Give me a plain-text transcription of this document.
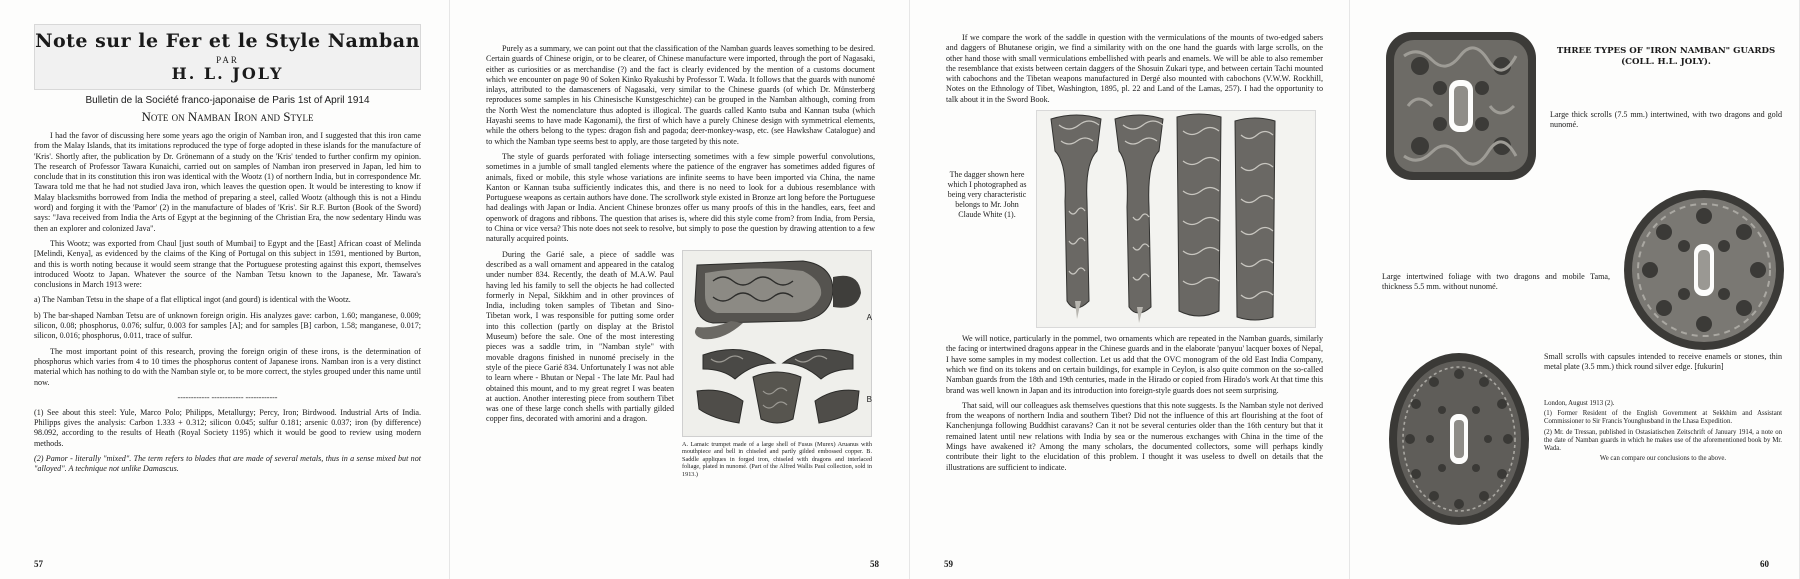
Note sur le Fer et le Style Namban
PAR
H. L. JOLY
Bulletin de la Société franco-japonaise de Paris 1st of April 1914
Note on Namban Iron and Style

I had the favor of discussing here some years ago the origin of Namban iron, and I suggested that this iron came from the Malay Islands, that its imitations reproduced the type of forge adopted in these islands for the manufacture of 'Kris'. Shortly after, the publication by Dr. Grönemann of a study on the 'Kris' tended to further confirm my opinion. The research of Professor Tawara Kunaichi, carried out on samples of Namban iron preserved in Japan, led him to conclude that in its constitution this iron was identical with the Wootz (1) of northern India, but in correspondence Mr. Tawara told me that he had not studied Java iron, which leaves the question open. It would be interesting to know if Malay blacksmiths borrowed from India the method of preparing a steel, called Wootz (although this is not a Hindu word) and forging it with the 'Pamor' (2) in the manufacture of blades of 'Kris'. Sir R.F. Burton (Book of the Sword) says: "Java received from India the Arts of Egypt at the beginning of the Christian Era, the now sedentary Hindu was then an explorer and colonized Java".

This Wootz; was exported from Chaul [just south of Mumbai] to Egypt and the [East] African coast of Melinda [Melindi, Kenya], as evidenced by the claims of the King of Portugal on this subject in 1591, mentioned by Burton, and this is worth noting because it would seem strange that the Portuguese protesting against this export, themselves introduced Wootz to Japan. Whatever the source of the Namban Tetsu known to the Japanese, Mr. Tawara's conclusions in March 1913 were:

a) The Namban Tetsu in the shape of a flat elliptical ingot (and gourd) is identical with the Wootz.

b) The bar-shaped Namban Tetsu are of unknown foreign origin. His analyzes gave: carbon, 1.60; manganese, 0.009; silicon, 0.08; phosphorus, 0.076; sulfur, 0.003 for samples [A]; and for samples [B] carbon, 1.58; manganese, 0.017; silicon, 0.016; phosphorus, 0.011, trace of sulfur.

The most important point of this research, proving the foreign origin of these irons, is the determination of phosphorus which varies from 4 to 10 times the phosphorus content of Japanese irons. Namban iron is a very distinct material which has nothing to do with the Namban style or, to be more correct, the styles grouped under this name until now.

------------ ------------ ------------

(1) See about this steel: Yule, Marco Polo; Philipps, Metallurgy; Percy, Iron; Birdwood. Industrial Arts of India. Philipps gives the analysis: Carbon 1.333 + 0.312; silicon 0.045; sulfur 0.181; arsenic 0.037; iron (by difference) 98.092, according to the results of Heath (Royal Society 1195) which it would be good to review using modern methods.

(2) Pamor - literally "mixed". The term refers to blades that are made of several metals, thus in a sense mixed but not "alloyed". A technique not unlike Damascus.

57

Purely as a summary, we can point out that the classification of the Namban guards leaves something to be desired. Certain guards of Chinese origin, or to be clearer, of Chinese manufacture were imported, through the port of Nagasaki, either as curiosities or as merchandise (?) and the fact is clearly evidenced by the mention of a customs document which we encounter on page 90 of Soken Kinko Ryakushi by Professor T. Wada. It follows that the guards with nunomé inlays, attributed to the damasceners of Nagasaki, very similar to the Chinese guards (of which Dr. Münsterberg reproduces some samples in his Chinesische Kunstgeschichte) can be grouped in the Namban although, coming from the North West the nomenclature thus adopted is illogical. The guards called Kanto tsuba and Kannan tsuba (which Hayashi seems to have made Kagonami), the first of which have a purely Chinese design with symmetrical elements, while the others belong to the types: dragon fish and pagoda; deer-monkey-wasp, etc. (see Hawkshaw Catalogue) and to which the Namban type seems best to apply, are those targeted by this note.

The style of guards perforated with foliage intersecting sometimes with a few simple powerful convolutions, sometimes in a jumble of small tangled elements where the patience of the engraver has sometimes added figures of animals, fixed or mobile, this style whose variations are infinite seems to have been imported via China, the name Kanton or Kannan tsuba sufficiently indicates this, and there is no need to look for a dubious resemblance with Portuguese weapons as certain authors have done. The scrollwork style existed in Bronze art long before the Portuguese had dealings with Japan or India. Ancient Chinese bronzes offer us many proofs of this in the handles, ears, feet and openwork of dragons and ribbons. The question that arises is, where did this style come from? from India, from Persia, to China or vice versa? This note does not seek to resolve, but simply to pose the question by drawing attention to a few naturally acquired points.

During the Garié sale, a piece of saddle was described as a wall ornament and appeared in the catalog under number 834. Recently, the death of M.A.W. Paul having led his family to sell the objects he had collected formerly in Nepal, Sikkhim and in other provinces of India, including token samples of Tibetan and Sino-Tibetan work, I was responsible for putting some order into this collection (partly on display at the Bristol Museum) before the sale. One of the most interesting pieces was a saddle trim, in "Namban style" with movable dragons finished in nunomé precisely in the style of the piece Garié 834. Unfortunately I was not able to learn where - Bhutan or Nepal - The late Mr. Paul had obtained this mount, and to my great regret I was beaten at auction. Another interesting piece from southern Tibet was one of these large conch shells with partially gilded copper fins, decorated with amorini and a dragon.

A
B
A. Lamaic trumpet made of a large shell of Fusus (Murex) Aruanus with mouthpiece and bell in chiseled and partly gilded embossed copper. B. Saddle appliques in forged iron, chiseled with dragons and interlaced foliage, plated in nunomé. (Part of the Alfred Wallis Paul collection, sold in 1913.)
58

If we compare the work of the saddle in question with the vermiculations of the mounts of two-edged sabers and daggers of Bhutanese origin, we find a similarity with on the one hand the guards with large scrolls, on the other hand those with small vermiculations embellished with pearls and enamels. We will be able to also remember the resemblance that exists between certain daggers of the Shosuin Zukari type, and between certain Tachi mounted with cabochons and the Tibetan weapons manufactured in Dergé also mounted with cabochons (V.W.W. Rockhill, Notes on the Ethnology of Tibet, Washington, 1895, pl. 22 and Land of the Lamas, 257). I had the opportunity to talk about it in the Sword Book.

The dagger shown here which I photographed as being very characteristic belongs to Mr. John Claude White (1).

We will notice, particularly in the pommel, two ornaments which are repeated in the Namban guards, similarly the facing or intertwined dragons appear in the Chinese guards and in the elaborate 'panyuu' lacquer boxes of Nepal, I have some samples in my modest collection. Let us add that the OVC monogram of the old East India Company, which we find on its tokens and on certain buildings, for example in Ceylon, is also quite common on the so-called Namban guards from the 18th and 19th centuries, made in the Hirado or copied from Hirado's work At that time this brand was well known in Japan and its introduction into foreign-style guards does not seem surprising.

That said, will our colleagues ask themselves questions that this note suggests. Is the Namban style not derived from the weapons of northern India and southern Tibet? Did not the influence of this art flourishing at the foot of Kanchenjunga following Buddhist caravans? Can it not be several centuries older than the 16th century but that it remained latent until new relations with India by sea or the numerous exchanges with China in the time of the Mings have awakened it? Among the many scholars, the documented collectors, some will perhaps kindly contribute their light to the elucidation of this problem. I thought it was useless to dwell on details that the illustrations are sufficient to indicate.

59
THREE TYPES OF "IRON NAMBAN" GUARDS (COLL. H.L. JOLY).
Large thick scrolls (7.5 mm.) intertwined, with two dragons and gold nunomé.
Large intertwined foliage with two dragons and mobile Tama, thickness 5.5 mm. without nunomé.
Small scrolls with capsules intended to receive enamels or stones, thin metal plate (3.5 mm.) thick round silver edge. [fukurin]

London, August 1913 (2).

(1) Former Resident of the English Government at Sekkhim and Assistant Commissioner to Sir Francis Younghusband in the Lhasa Expedition.

(2) Mr. de Tressan, published in Ostasiatischen Zeitschrift of January 1914, a note on the date of Namban guards in which he makes use of the aforementioned book by Mr. Wada.

We can compare our conclusions to the above.

60
